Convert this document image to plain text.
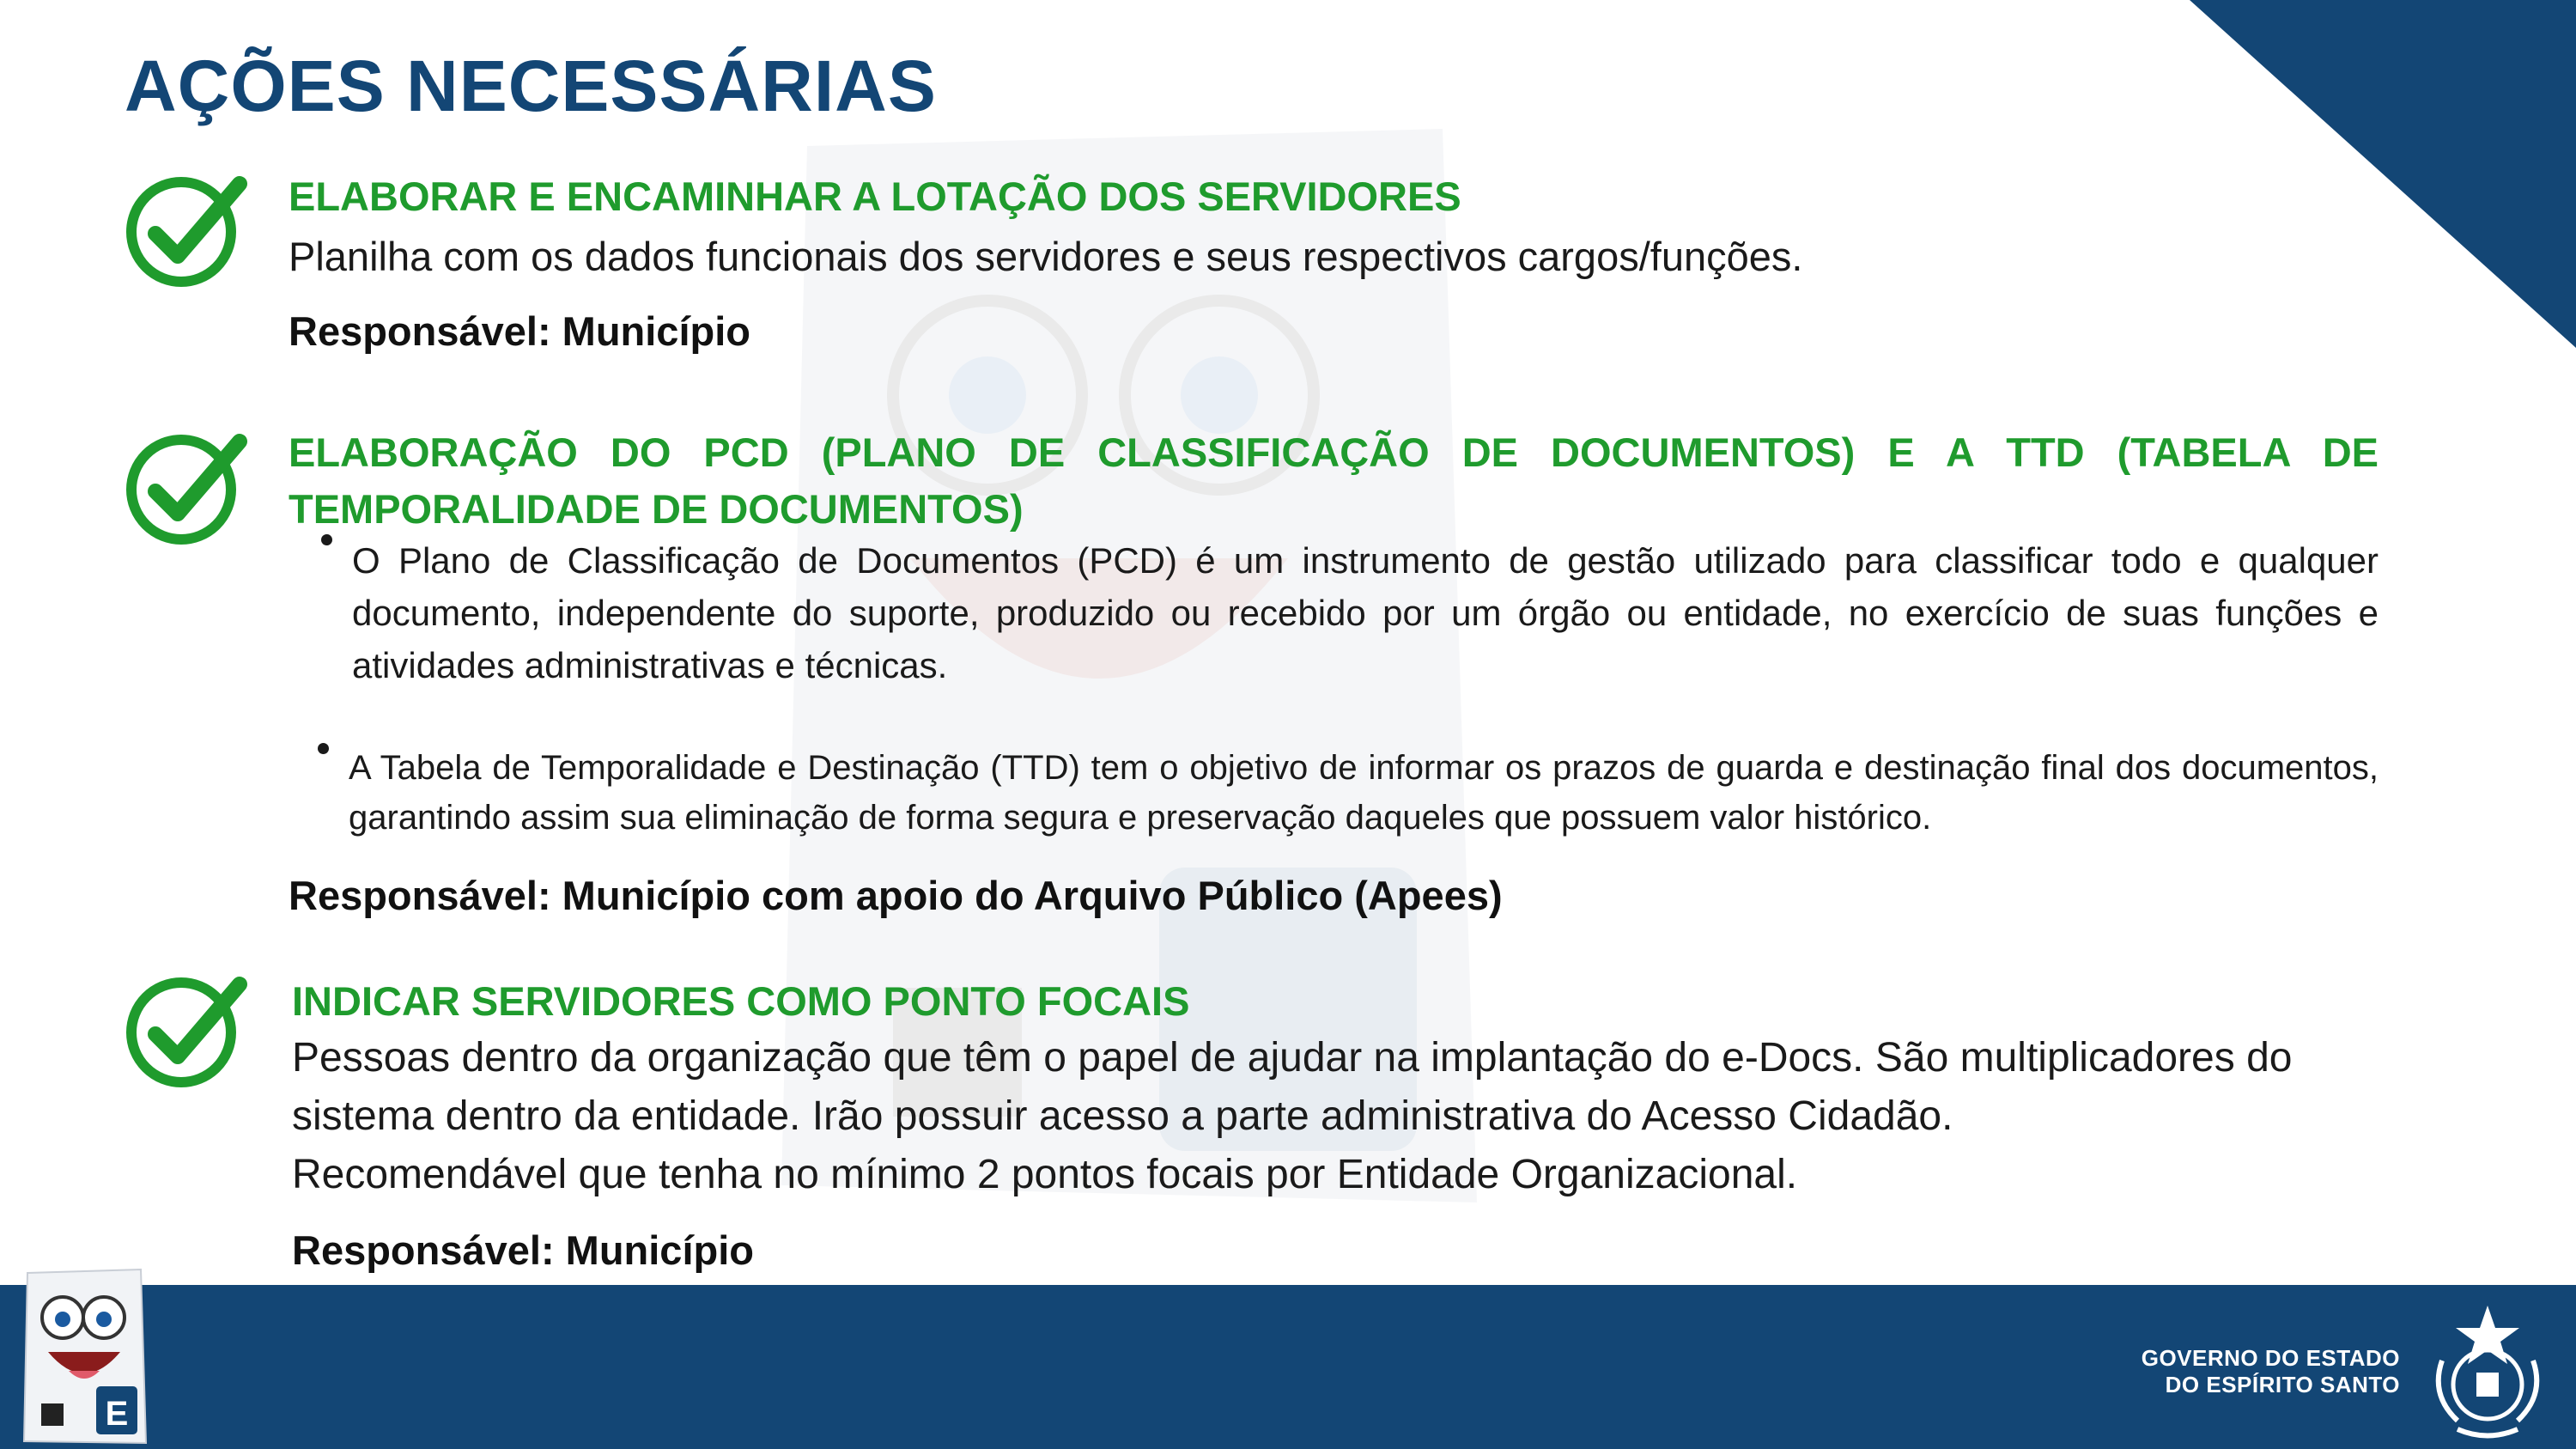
AÇÕES NECESSÁRIAS
ELABORAR E ENCAMINHAR A LOTAÇÃO DOS SERVIDORES

Planilha com os dados funcionais dos servidores e seus respectivos cargos/funções.

Responsável: Município

ELABORAÇÃO DO PCD (PLANO DE CLASSIFICAÇÃO DE DOCUMENTOS) E A TTD (TABELA DE TEMPORALIDADE DE DOCUMENTOS)
O Plano de Classificação de Documentos (PCD) é um instrumento de gestão utilizado para classificar todo e qualquer documento, independente do suporte, produzido ou recebido por um órgão ou entidade, no exercício de suas funções e atividades administrativas e técnicas.
A Tabela de Temporalidade e Destinação (TTD) tem o objetivo de informar os prazos de guarda e destinação final dos documentos, garantindo assim sua eliminação de forma segura e preservação daqueles que possuem valor histórico.

Responsável: Município com apoio do Arquivo Público (Apees)

INDICAR SERVIDORES COMO PONTO FOCAIS

Pessoas dentro da organização que têm o papel de ajudar na implantação do e-Docs. São multiplicadores do sistema dentro da entidade. Irão possuir acesso a parte administrativa do Acesso Cidadão.

Recomendável que tenha no mínimo 2 pontos focais por Entidade Organizacional.

Responsável: Município

E
GOVERNO DO ESTADO
DO ESPÍRITO SANTO
